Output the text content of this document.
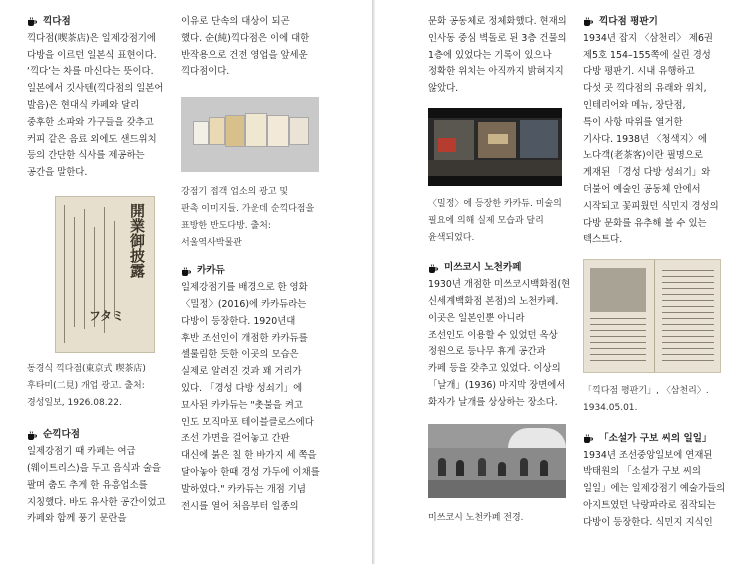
끽다점

끽다점(喫茶店)은 일제강점기에
다방을 이르던 일본식 표현이다.
‘끽다’는 차를 마신다는 뜻이다.
일본에서 깃사텐(끽다점의 일본어
발음)은 현대식 카페와 달리
중후한 소파와 가구들을 갖추고
커피 같은 음료 외에도 샌드위치
등의 간단한 식사를 제공하는
공간을 말한다.

開業御披露
フタミ

동경식 끽다점(東京式 喫茶店)
후타미(二見) 개업 광고. 출처:
경성일보, 1926.08.22.

순끽다점

일제강점기 때 카페는 여급
(웨이트리스)을 두고 음식과 술을
팔며 춤도 추게 한 유흥업소를
지칭했다. 바도 유사한 공간이었고
카페와 함께 풍기 문란을

이유로 단속의 대상이 되곤
했다. 순(純)끽다점은 이에 대한
반작용으로 건전 영업을 앞세운
끽다점이다.

강점기 접객 업소의 광고 및
판촉 이미지들. 가운데 순끽다점을
표방한 반도다방. 출처:
서울역사박물관

카카듀

일제강점기를 배경으로 한 영화
〈밀정〉(2016)에 카카듀라는
다방이 등장한다. 1920년대
후반 조선인이 개점한 카카듀를
셀룰림한 듯한 이곳의 모습은
실제로 알려진 것과 꽤 거리가
있다. 「경성 다방 성쇠기」에
묘사된 카카듀는 "촛불을 켜고
인도 모직마포 테이블클로스에다
조선 가면을 걸어놓고 간판
대신에 붉은 칠 한 바가지 세 쪽을
달아놓아 한때 경성 가두에 이채를
발하였다." 카카듀는 개점 기념
전시를 열어 처음부터 일종의

문화 공동체로 정체화했다. 현재의
인사동 중심 벽돌로 된 3층 건물의
1층에 있었다는 기록이 있으나
정확한 위치는 아직까지 밝혀지지
않았다.

〈밀정〉에 등장한 카카듀. 미술의
필요에 의해 실제 모습과 달리
윤색되었다.

미쓰코시 노천카페

1930년 개점한 미쓰코시백화점(현
신세계백화점 본점)의 노천카페.
이곳은 일본인뿐 아니라
조선인도 이용할 수 있었던 옥상
정원으로 등나무 휴게 공간과
카페 등을 갖추고 있었다. 이상의
「날개」(1936) 마지막 장면에서
화자가 날개를 상상하는 장소다.

미쓰코시 노천카페 전경.

끽다점 평판기

1934년 잡지 〈삼천리〉 제6권
제5호 154–155쪽에 실린 경성
다방 평판기. 시내 유행하고
다섯 곳 끽다점의 유래와 위치,
인테리어와 메뉴, 장단점,
특이 사항 따위를 열거한
기사다. 1938년 〈청색지〉에
노다객(老茶客)이란 필명으로
게재된 「경성 다방 성쇠기」와
더불어 예술인 공동체 안에서
시작되고 꽃피웠던 식민지 경성의
다방 문화를 유추해 볼 수 있는
텍스트다.

「끽다점 평판기」, 〈삼천리〉.
1934.05.01.

「소설가 구보 씨의 일일」

1934년 조선중앙일보에 연재된
박태원의 「소설가 구보 씨의
일일」에는 일제강점기 예술가들의
아지트였던 낙랑파라로 짐작되는
다방이 등장한다. 식민지 지식인
